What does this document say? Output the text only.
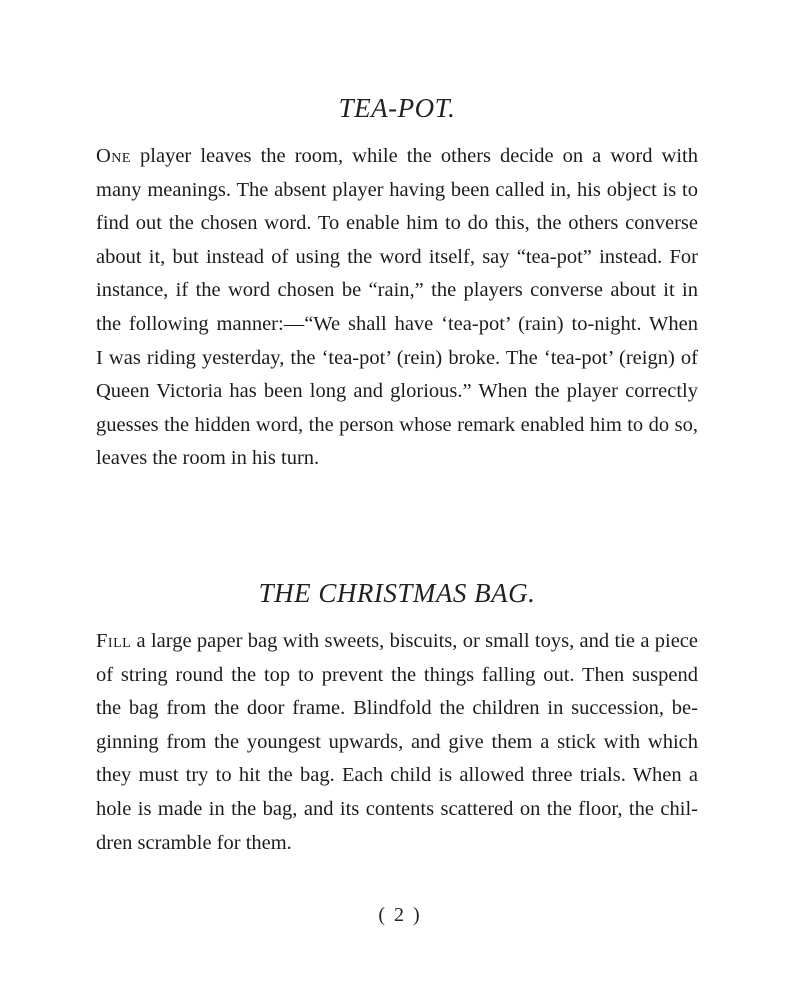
TEA-POT.

One player leaves the room, while the others decide on a word with
many meanings. The absent player having been called in, his object is to
find out the chosen word. To enable him to do this, the others converse
about it, but instead of using the word itself, say “tea-pot” instead. For
instance, if the word chosen be “rain,” the players converse about it in
the following manner:—“We shall have ‘tea-pot’ (rain) to-night. When
I was riding yesterday, the ‘tea-pot’ (rein) broke. The ‘tea-pot’ (reign) of
Queen Victoria has been long and glorious.” When the player correctly
guesses the hidden word, the person whose remark enabled him to do so,
leaves the room in his turn.

THE CHRISTMAS BAG.

Fill a large paper bag with sweets, biscuits, or small toys, and tie a piece
of string round the top to prevent the things falling out. Then suspend
the bag from the door frame. Blindfold the children in succession, be-
ginning from the youngest upwards, and give them a stick with which
they must try to hit the bag. Each child is allowed three trials. When a
hole is made in the bag, and its contents scattered on the floor, the chil-
dren scramble for them.

( 2 )
